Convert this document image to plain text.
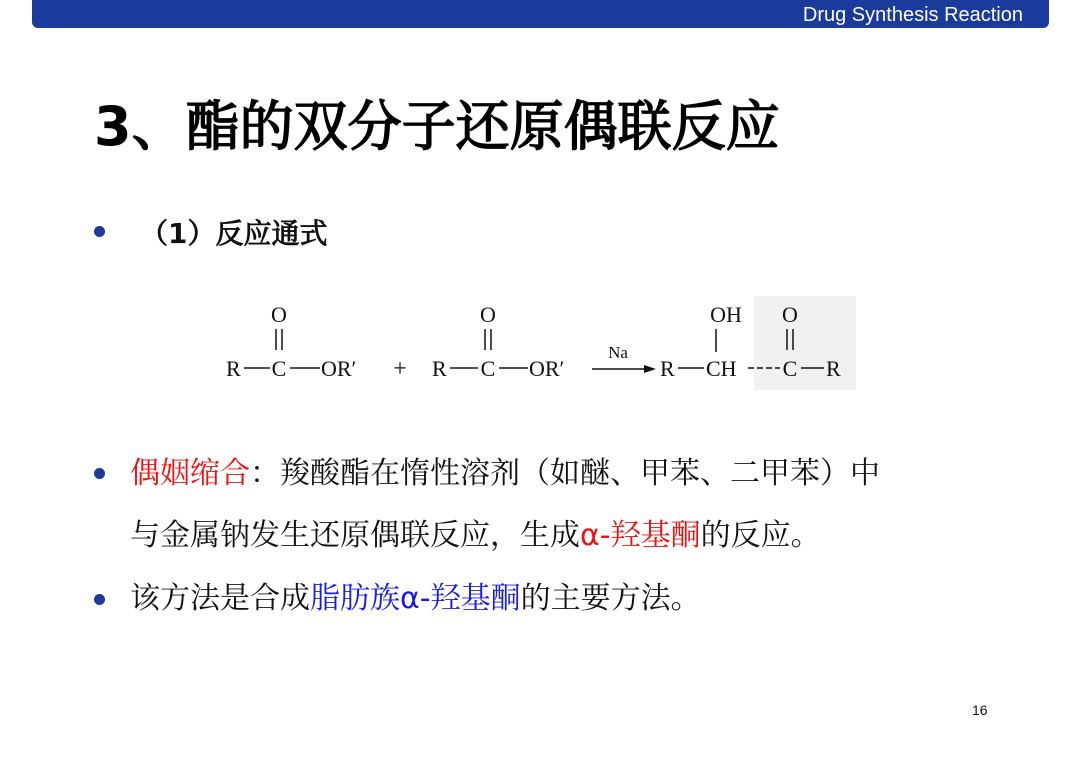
Drug Synthesis Reaction
3、酯的双分子还原偶联反应
（1）反应通式
O
R C OR′ +
O
R C OR′
Na
OH O
R CH C R
偶姻缩合：羧酸酯在惰性溶剂（如醚、甲苯、二甲苯）中
与金属钠发生还原偶联反应，生成α-羟基酮的反应。
该方法是合成脂肪族α-羟基酮的主要方法。
16
